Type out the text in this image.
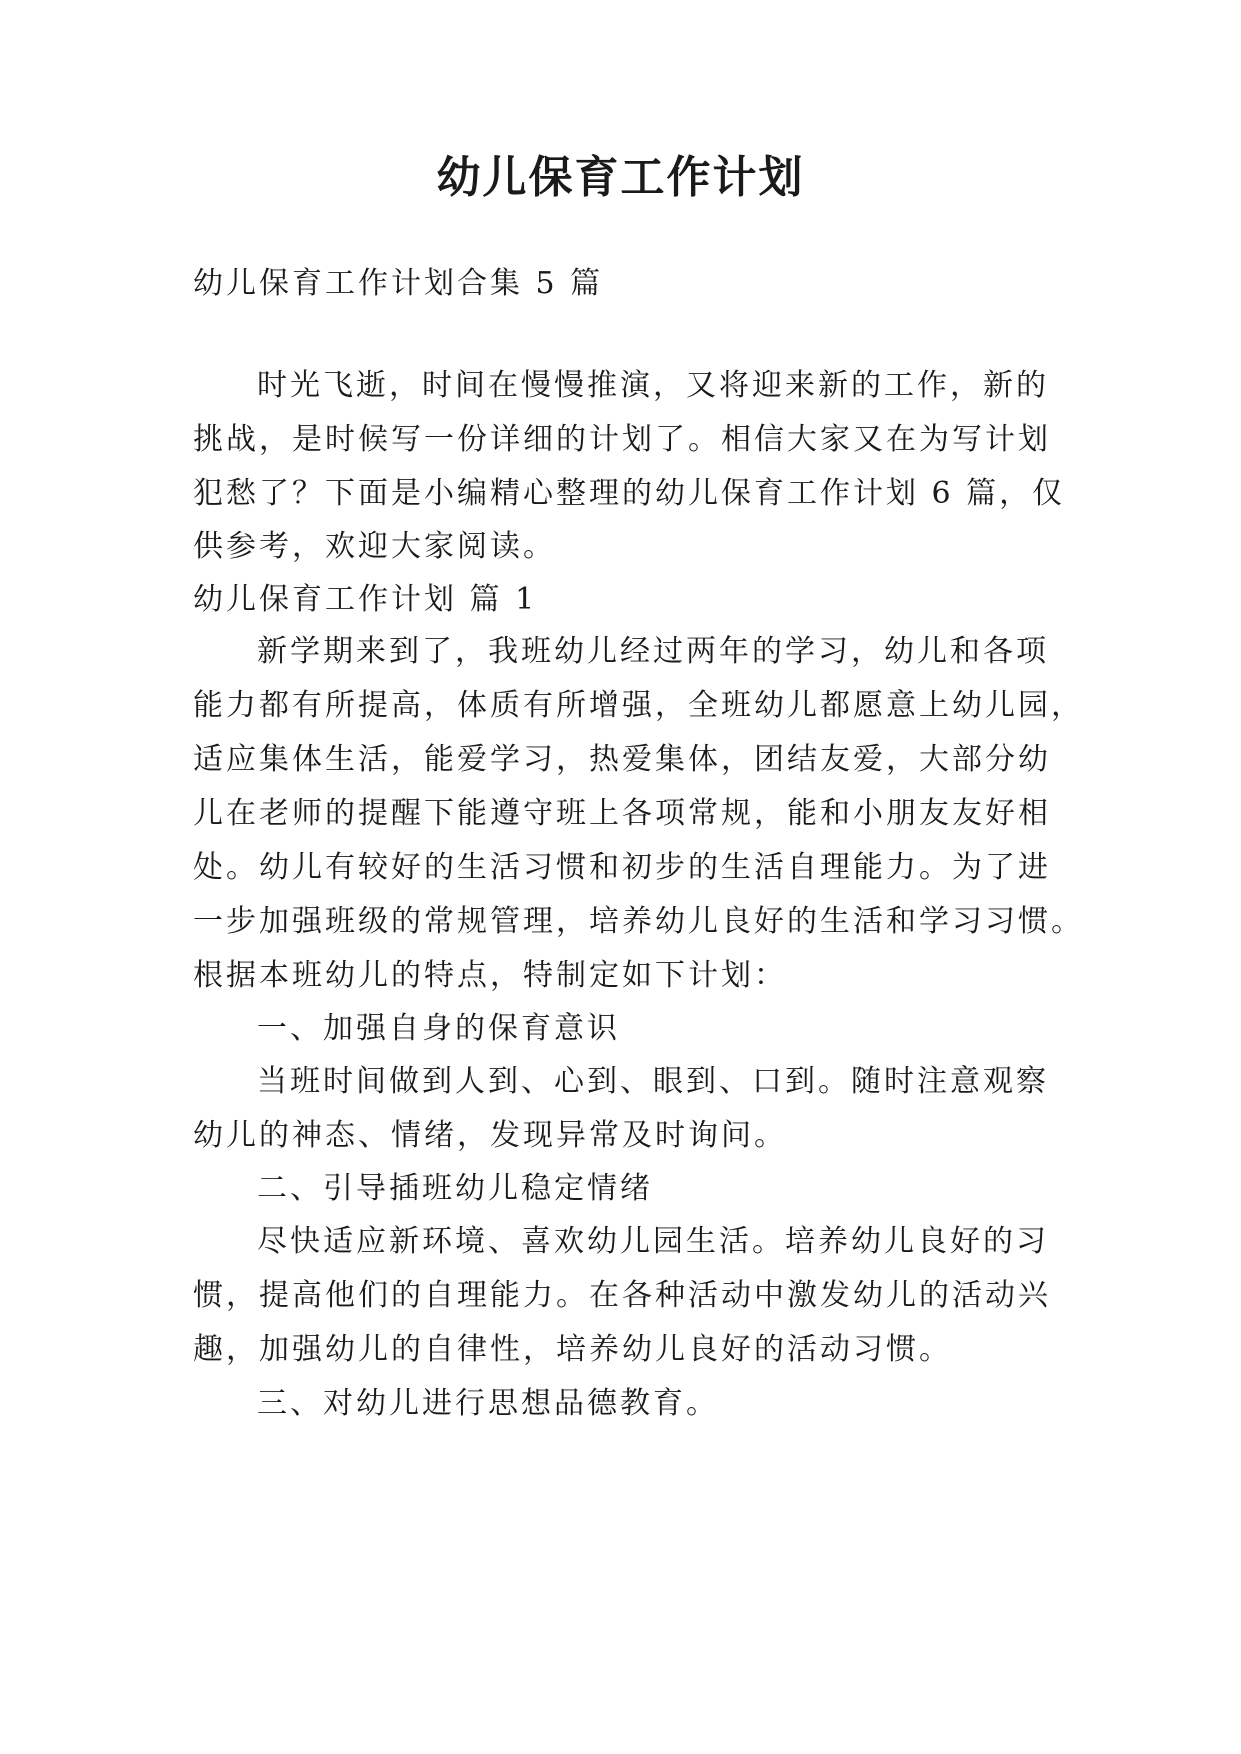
幼儿保育工作计划
幼儿保育工作计划合集 5 篇
时光飞逝，时间在慢慢推演，又将迎来新的工作，新的
挑战，是时候写一份详细的计划了。相信大家又在为写计划
犯愁了？下面是小编精心整理的幼儿保育工作计划 6 篇，仅
供参考，欢迎大家阅读。
幼儿保育工作计划 篇 1
新学期来到了，我班幼儿经过两年的学习，幼儿和各项
能力都有所提高，体质有所增强，全班幼儿都愿意上幼儿园，
适应集体生活，能爱学习，热爱集体，团结友爱，大部分幼
儿在老师的提醒下能遵守班上各项常规，能和小朋友友好相
处。幼儿有较好的生活习惯和初步的生活自理能力。为了进
一步加强班级的常规管理，培养幼儿良好的生活和学习习惯。
根据本班幼儿的特点，特制定如下计划：
一、加强自身的保育意识
当班时间做到人到、心到、眼到、口到。随时注意观察
幼儿的神态、情绪，发现异常及时询问。
二、引导插班幼儿稳定情绪
尽快适应新环境、喜欢幼儿园生活。培养幼儿良好的习
惯，提高他们的自理能力。在各种活动中激发幼儿的活动兴
趣，加强幼儿的自律性，培养幼儿良好的活动习惯。
三、对幼儿进行思想品德教育。
